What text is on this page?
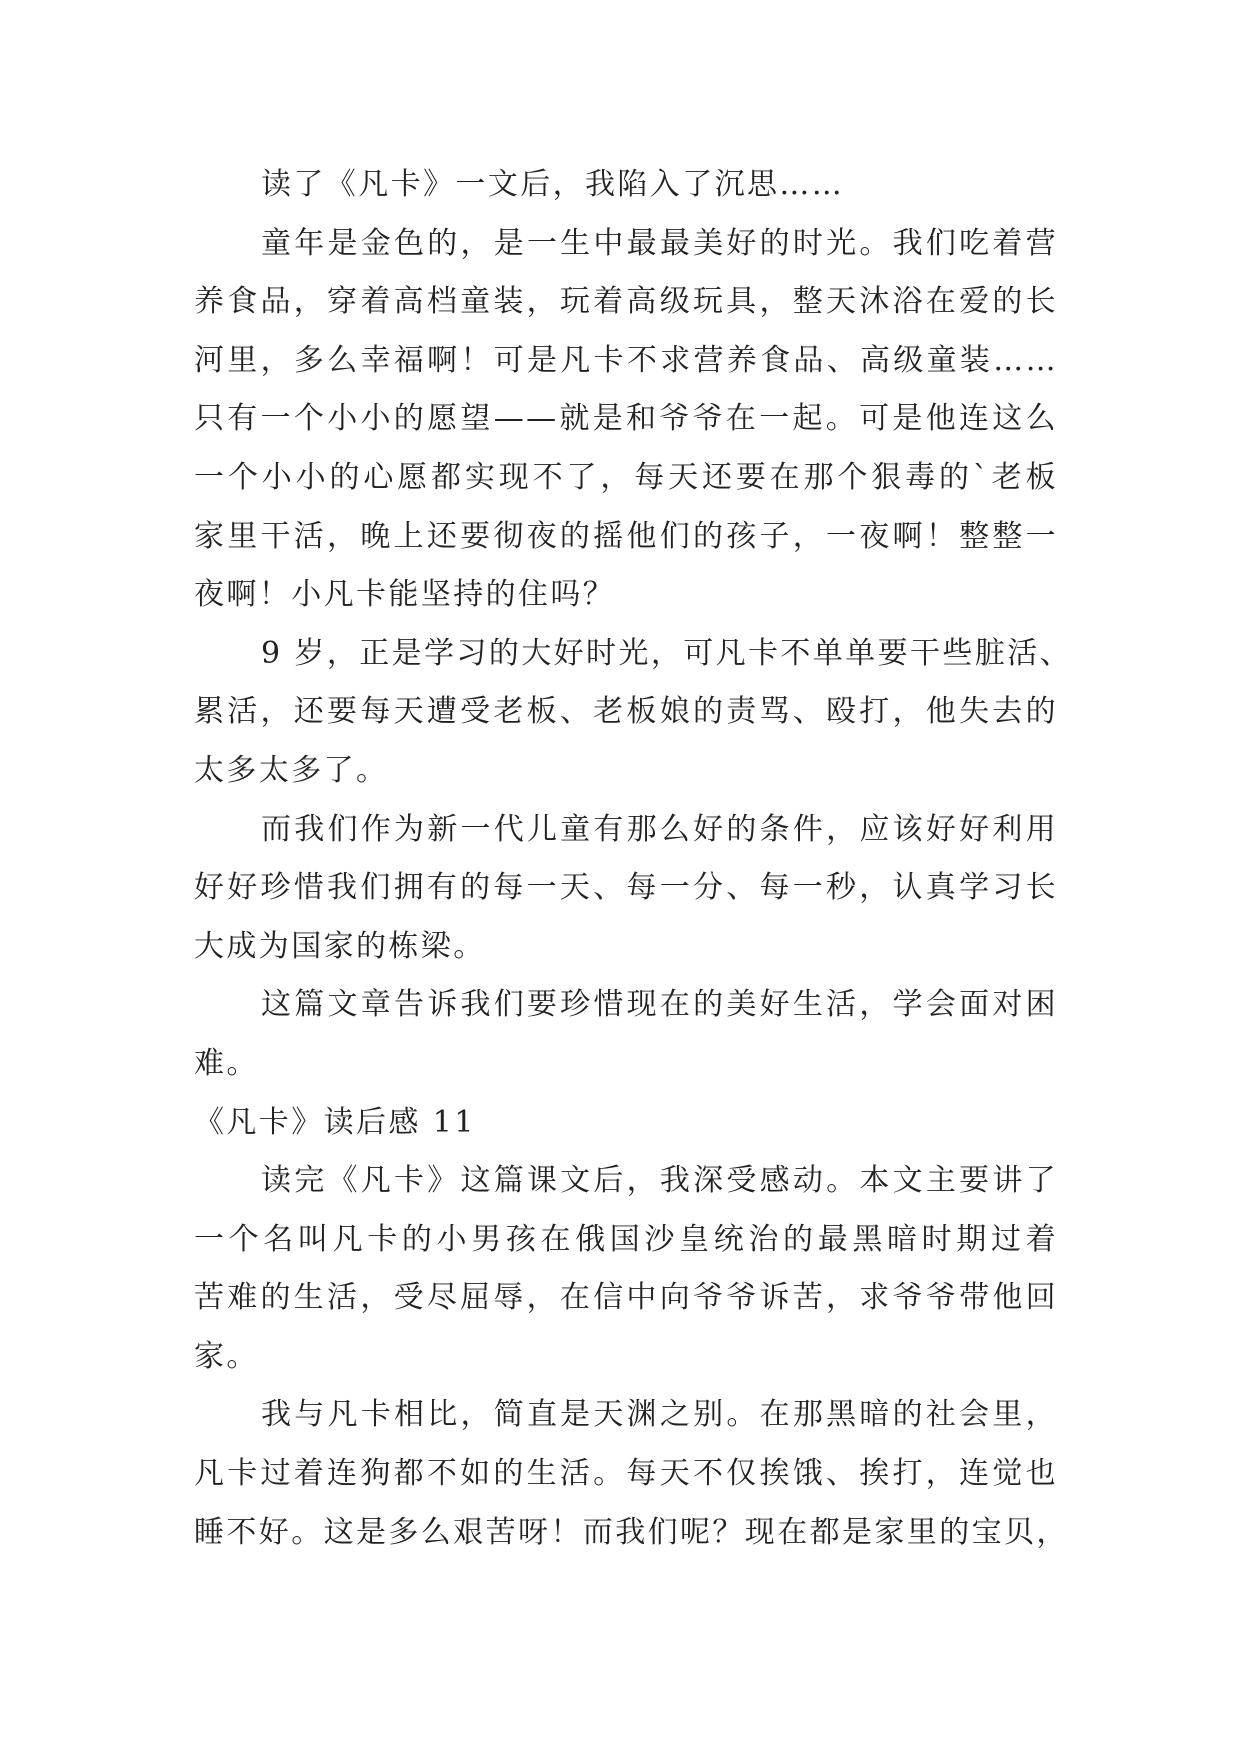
读了《凡卡》一文后，我陷入了沉思……
童年是金色的，是一生中最最美好的时光。我们吃着营
养食品，穿着高档童装，玩着高级玩具，整天沐浴在爱的长
河里，多么幸福啊！可是凡卡不求营养食品、高级童装……
只有一个小小的愿望——就是和爷爷在一起。可是他连这么
一个小小的心愿都实现不了，每天还要在那个狠毒的`老板
家里干活，晚上还要彻夜的摇他们的孩子，一夜啊！整整一
夜啊！小凡卡能坚持的住吗？
9 岁，正是学习的大好时光，可凡卡不单单要干些脏活、
累活，还要每天遭受老板、老板娘的责骂、殴打，他失去的
太多太多了。
而我们作为新一代儿童有那么好的条件，应该好好利用
好好珍惜我们拥有的每一天、每一分、每一秒，认真学习长
大成为国家的栋梁。
这篇文章告诉我们要珍惜现在的美好生活，学会面对困
难。
《凡卡》读后感 11
读完《凡卡》这篇课文后，我深受感动。本文主要讲了
一个名叫凡卡的小男孩在俄国沙皇统治的最黑暗时期过着
苦难的生活，受尽屈辱，在信中向爷爷诉苦，求爷爷带他回
家。
我与凡卡相比，简直是天渊之别。在那黑暗的社会里，
凡卡过着连狗都不如的生活。每天不仅挨饿、挨打，连觉也
睡不好。这是多么艰苦呀！而我们呢？现在都是家里的宝贝，
